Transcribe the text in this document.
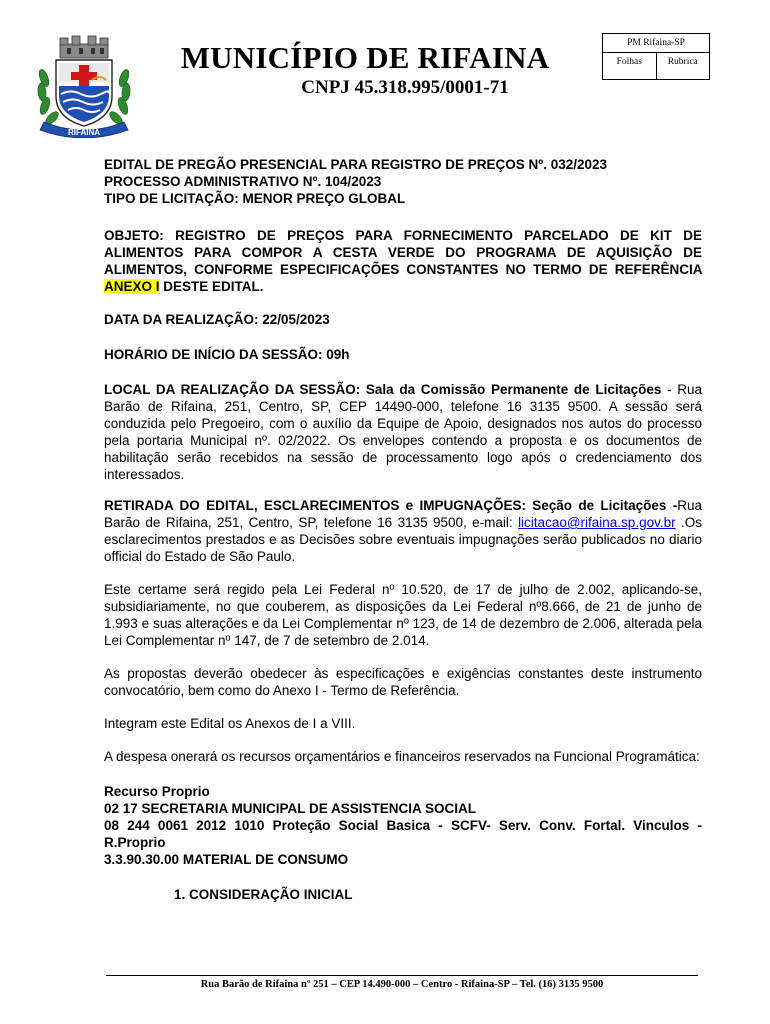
RIFAINA
MUNICÍPIO DE RIFAINA
CNPJ 45.318.995/0001-71
PM Rifaina-SP
Folhas	Rubrica

EDITAL DE PREGÃO PRESENCIAL PARA REGISTRO DE PREÇOS Nº. 032/2023

PROCESSO ADMINISTRATIVO Nº. 104/2023

TIPO DE LICITAÇÃO: MENOR PREÇO GLOBAL

OBJETO: REGISTRO DE PREÇOS PARA FORNECIMENTO PARCELADO DE KIT DE ALIMENTOS PARA COMPOR A CESTA VERDE DO PROGRAMA DE AQUISIÇÃO DE ALIMENTOS, CONFORME ESPECIFICAÇÕES CONSTANTES NO TERMO DE REFERÊNCIA ANEXO I DESTE EDITAL.

DATA DA REALIZAÇÃO: 22/05/2023

HORÁRIO DE INÍCIO DA SESSÃO: 09h

LOCAL DA REALIZAÇÃO DA SESSÃO: Sala da Comissão Permanente de Licitações - Rua Barão de Rifaina, 251, Centro, SP, CEP 14490-000, telefone 16 3135 9500. A sessão será conduzida pelo Pregoeiro, com o auxílio da Equipe de Apoio, designados nos autos do processo pela portaria Municipal nº. 02/2022. Os envelopes contendo a proposta e os documentos de habilitação serão recebidos na sessão de processamento logo após o credenciamento dos interessados.

RETIRADA DO EDITAL, ESCLARECIMENTOS e IMPUGNAÇÕES: Seção de Licitações -Rua Barão de Rifaina, 251, Centro, SP, telefone 16 3135 9500, e-mail: licitacao@rifaina.sp.gov.br .Os esclarecimentos prestados e as Decisões sobre eventuais impugnações serão publicados no diario official do Estado de São Paulo.

Este certame será regido pela Lei Federal nº 10.520, de 17 de julho de 2.002, aplicando-se, subsidiariamente, no que couberem, as disposições da Lei Federal nº8.666, de 21 de junho de 1.993 e suas alterações e da Lei Complementar nº 123, de 14 de dezembro de 2.006, alterada pela Lei Complementar nº 147, de 7 de setembro de 2.014.

As propostas deverão obedecer às especificações e exigências constantes deste instrumento convocatório, bem como do Anexo I - Termo de Referência.

Integram este Edital os Anexos de I a VIII.

A despesa onerará os recursos orçamentários e financeiros reservados na Funcional Programática:

Recurso Proprio

02 17 SECRETARIA MUNICIPAL DE ASSISTENCIA SOCIAL

08 244 0061 2012 1010 Proteção Social Basica - SCFV- Serv. Conv. Fortal. Vinculos - R.Proprio

3.3.90.30.00 MATERIAL DE CONSUMO

1. CONSIDERAÇÃO INICIAL

Rua Barão de Rifaina nº 251 – CEP 14.490-000 – Centro - Rifaina-SP – Tel. (16) 3135 9500
